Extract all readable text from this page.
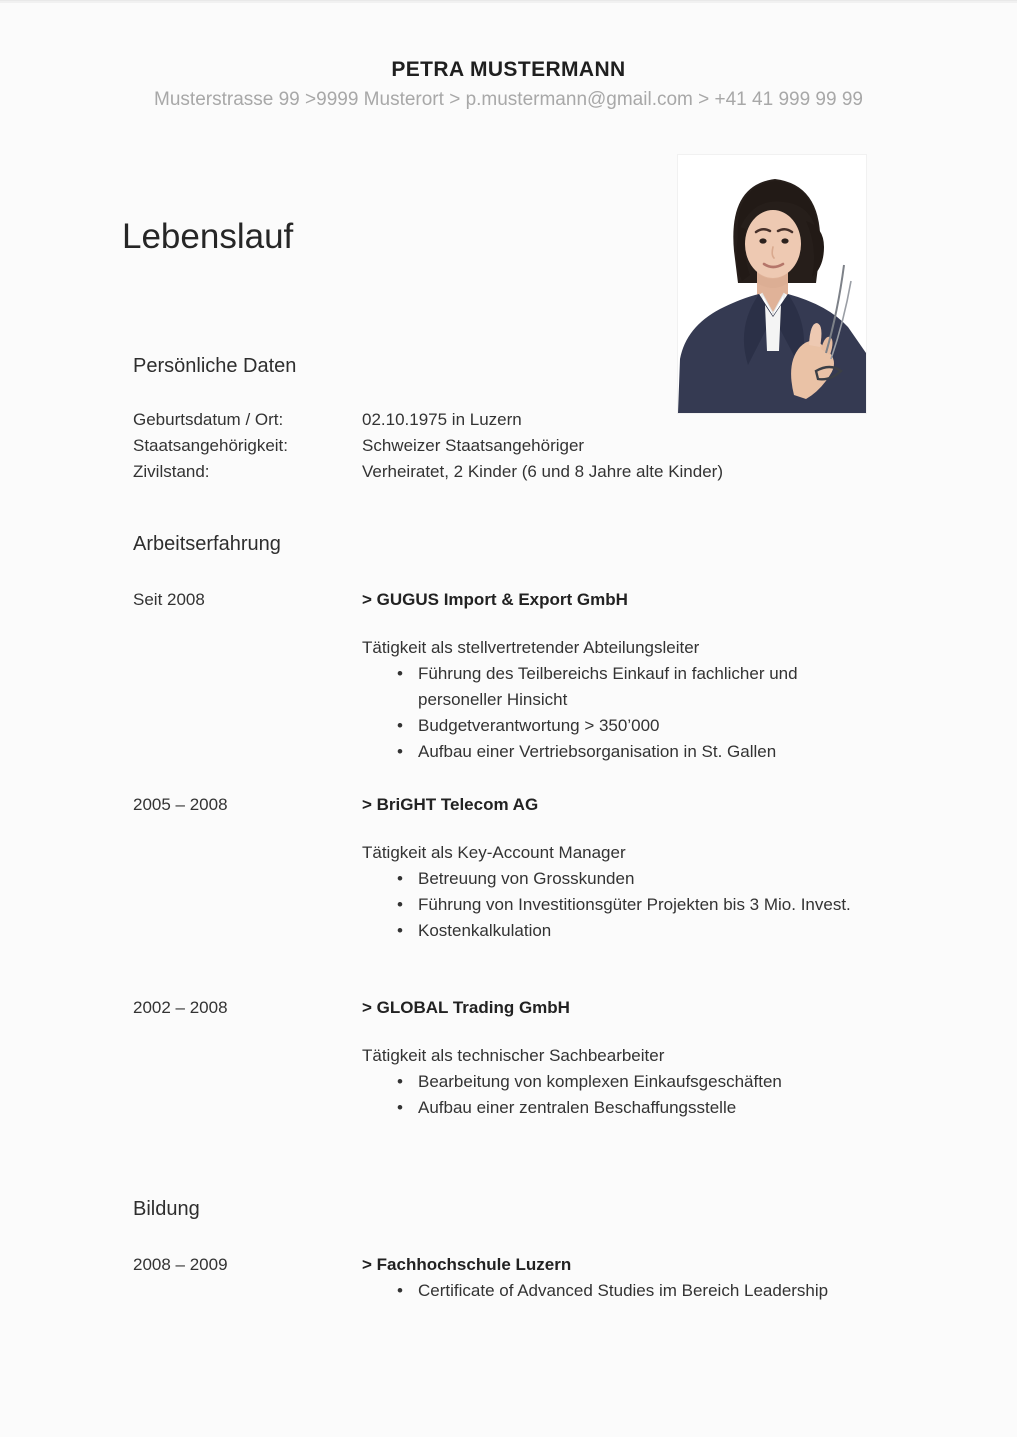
PETRA MUSTERMANN
Musterstrasse 99 >9999 Musterort > p.mustermann@gmail.com > +41 41 999 99 99
Lebenslauf
Persönliche Daten
Geburtsdatum / Ort:	02.10.1975 in Luzern
Staatsangehörigkeit:	Schweizer Staatsangehöriger
Zivilstand:	Verheiratet, 2 Kinder (6 und 8 Jahre alte Kinder)
Arbeitserfahrung
Seit 2008	> GUGUS Import & Export GmbH
Tätigkeit als stellvertretender Abteilungsleiter
• Führung des Teilbereichs Einkauf in fachlicher und personeller Hinsicht
• Budgetverantwortung > 350’000
• Aufbau einer Vertriebsorganisation in St. Gallen
2005 – 2008	> BriGHT Telecom AG
Tätigkeit als Key-Account Manager
• Betreuung von Grosskunden
• Führung von Investitionsgüter Projekten bis 3 Mio. Invest.
• Kostenkalkulation
2002 – 2008	> GLOBAL Trading GmbH
Tätigkeit als technischer Sachbearbeiter
• Bearbeitung von komplexen Einkaufsgeschäften
• Aufbau einer zentralen Beschaffungsstelle
Bildung
2008 – 2009	> Fachhochschule Luzern
• Certificate of Advanced Studies im Bereich Leadership
